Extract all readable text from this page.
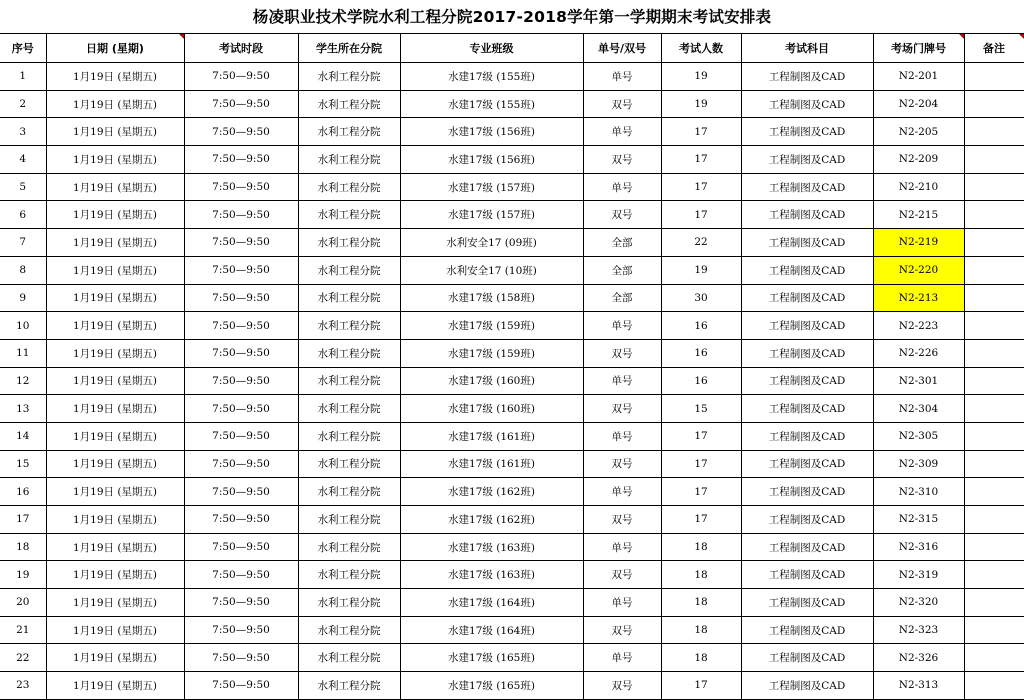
杨凌职业技术学院水利工程分院2017-2018学年第一学期期末考试安排表
序号	日期 (星期)	考试时段	学生所在分院	专业班级	单号/双号	考试人数	考试科目	考场门牌号	备注
1	1月19日 (星期五)	7:50—9:50	水利工程分院	水建17级 (155班)	单号	19	工程制图及CAD	N2-201	
2	1月19日 (星期五)	7:50—9:50	水利工程分院	水建17级 (155班)	双号	19	工程制图及CAD	N2-204	
3	1月19日 (星期五)	7:50—9:50	水利工程分院	水建17级 (156班)	单号	17	工程制图及CAD	N2-205	
4	1月19日 (星期五)	7:50—9:50	水利工程分院	水建17级 (156班)	双号	17	工程制图及CAD	N2-209	
5	1月19日 (星期五)	7:50—9:50	水利工程分院	水建17级 (157班)	单号	17	工程制图及CAD	N2-210	
6	1月19日 (星期五)	7:50—9:50	水利工程分院	水建17级 (157班)	双号	17	工程制图及CAD	N2-215	
7	1月19日 (星期五)	7:50—9:50	水利工程分院	水利安全17 (09班)	全部	22	工程制图及CAD	N2-219	
8	1月19日 (星期五)	7:50—9:50	水利工程分院	水利安全17 (10班)	全部	19	工程制图及CAD	N2-220	
9	1月19日 (星期五)	7:50—9:50	水利工程分院	水建17级 (158班)	全部	30	工程制图及CAD	N2-213	
10	1月19日 (星期五)	7:50—9:50	水利工程分院	水建17级 (159班)	单号	16	工程制图及CAD	N2-223	
11	1月19日 (星期五)	7:50—9:50	水利工程分院	水建17级 (159班)	双号	16	工程制图及CAD	N2-226	
12	1月19日 (星期五)	7:50—9:50	水利工程分院	水建17级 (160班)	单号	16	工程制图及CAD	N2-301	
13	1月19日 (星期五)	7:50—9:50	水利工程分院	水建17级 (160班)	双号	15	工程制图及CAD	N2-304	
14	1月19日 (星期五)	7:50—9:50	水利工程分院	水建17级 (161班)	单号	17	工程制图及CAD	N2-305	
15	1月19日 (星期五)	7:50—9:50	水利工程分院	水建17级 (161班)	双号	17	工程制图及CAD	N2-309	
16	1月19日 (星期五)	7:50—9:50	水利工程分院	水建17级 (162班)	单号	17	工程制图及CAD	N2-310	
17	1月19日 (星期五)	7:50—9:50	水利工程分院	水建17级 (162班)	双号	17	工程制图及CAD	N2-315	
18	1月19日 (星期五)	7:50—9:50	水利工程分院	水建17级 (163班)	单号	18	工程制图及CAD	N2-316	
19	1月19日 (星期五)	7:50—9:50	水利工程分院	水建17级 (163班)	双号	18	工程制图及CAD	N2-319	
20	1月19日 (星期五)	7:50—9:50	水利工程分院	水建17级 (164班)	单号	18	工程制图及CAD	N2-320	
21	1月19日 (星期五)	7:50—9:50	水利工程分院	水建17级 (164班)	双号	18	工程制图及CAD	N2-323	
22	1月19日 (星期五)	7:50—9:50	水利工程分院	水建17级 (165班)	单号	18	工程制图及CAD	N2-326	
23	1月19日 (星期五)	7:50—9:50	水利工程分院	水建17级 (165班)	双号	17	工程制图及CAD	N2-313	
